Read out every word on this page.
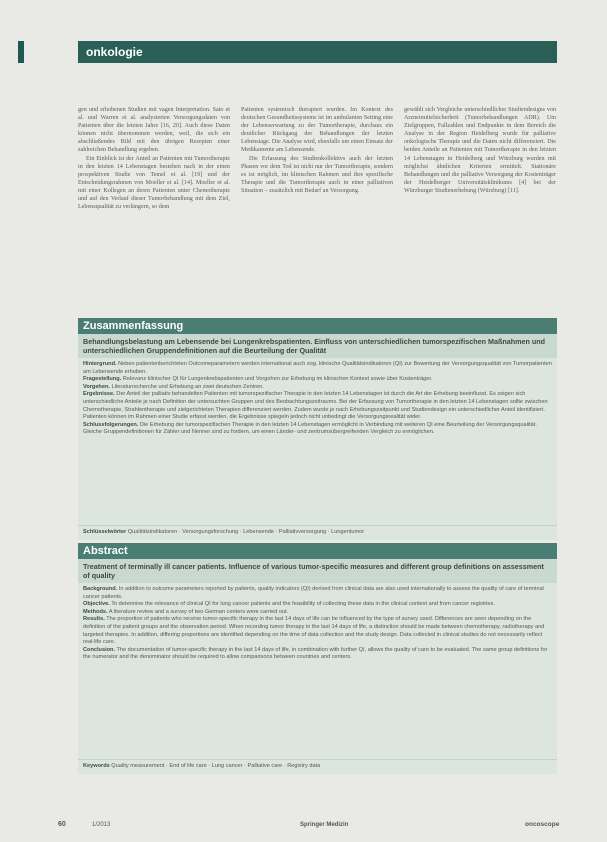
onkologie

gen und erhobenen Studien mit vagen Interpretation. Sato et al. und Warren et al. analysierten Versorgungsdaten von Patienten über die letzten Jahre [16, 20]. Auch diese Daten können nicht übernommen werden, weil, die sich ein abschließendes Bild mit den übrigen Rezepten einer zahlreichen Behandlung ergeben.

Ein Einblick ist der Anteil an Patienten mit Tumortherapie in den letzten 14 Lebenstagen bestehen nach in der einen prospektiven Studie von Temel et al. [19] und der Entscheidungsrahmen von Moeller et al. [14]. Moeller et al. mit einer Kollegen an deren Patienten unter Chemotherapie und auf den Verlauf dieser Tumorbehandlung mit dem Ziel, Lebensqualität zu verlängern, so dem

Patienten systemisch therapiert wurden. Im Kontext des deutschen Gesundheitssystems ist im ambulanten Setting eine der Lebenserwartung zu der Tumortherapie, durchaus ein deutlicher Rückgang der Behandlungen der letzten Lebenstage. Die Analyse wird, ebenfalls um einen Einsatz der Medikamente am Lebensende.

Die Erfassung des Studienkollektivs auch der letzten Phasen vor dem Tod ist nicht nur der Tumortherapie, sondern es ist möglich, im klinischen Rahmen und ihre spezifische Therapie und die Tumortherapie auch in einer palliativen Situation – zusätzlich mit Bedarf an Versorgung.

gewählt sich Vergleiche unterschiedlicher Studiendesigns von Arzneimittelsicherheit (Tumorbehandlungen ADR). Um Zielgruppen, Fallzahlen und Endpunkte in dem Bereich die Analyse in der Region Heidelberg wurde für palliative onkologische Therapie und die Daten nicht differenziert. Die beiden Anteile an Patienten mit Tumortherapie in den letzten 14 Lebenstagen in Heidelberg und Würzburg wurden mit möglichst ähnlichen Kriterien ermittelt. Stationäre Behandlungen und die palliative Versorgung der Kostenträger der Heidelberger Universitätsklinikums [4] bei der Würzburger Studienerhebung (Würzburg) [11].

Zusammenfassung
Behandlungsbelastung am Lebensende bei Lungenkrebspatienten. Einfluss von unterschiedlichen tumorspezifischen Maßnahmen und unterschiedlichen Gruppendefinitionen auf die Beurteilung der Qualität

Hintergrund. Neben patientenberichteten Outcomeparametern werden international auch sog. klinische Qualitätsindikatoren (QI) zur Bewertung der Versorgungsqualität von Tumorpatienten am Lebensende erhoben.

Fragestellung. Relevanz klinischer QI für Lungenkrebspatienten und Vorgehen zur Erhebung im klinischen Kontext sowie über Kostenträger.

Vorgehen. Literaturrecherche und Erhebung an zwei deutschen Zentren.

Ergebnisse. Der Anteil der palliativ behandelten Patienten mit tumorspezifischer Therapie in den letzten 14 Lebenstagen ist durch die Art der Erhebung beeinflusst. Es zeigen sich unterschiedliche Anteile je nach Definition der untersuchten Gruppen und des Beobachtungszeitraums. Bei der Erfassung von Tumortherapie in den letzten 14 Lebenstagen sollte zwischen Chemotherapie, Strahlentherapie und zielgerichteten Therapien differenziert werden. Zudem wurde je nach Erhebungszeitpunkt und Studiendesign ein unterschiedlicher Anteil identifiziert. Patienten können im Rahmen einer Studie erfasst werden, die Ergebnisse spiegeln jedoch nicht unbedingt die Versorgungsrealität wider.

Schlussfolgerungen. Die Erhebung der tumorspezifischen Therapie in den letzten 14 Lebenstagen ermöglicht in Verbindung mit weiteren QI eine Beurteilung der Versorgungsqualität. Gleiche Gruppendefinitionen für Zähler und Nenner sind zu fordern, um einen Länder- und zentrumsübergreifenden Vergleich zu ermöglichen.

Schlüsselwörter Qualitätsindikatoren · Versorgungsforschung · Lebensende · Palliativversorgung · Lungentumor
Abstract
Treatment of terminally ill cancer patients. Influence of various tumor-specific measures and different group definitions on assessment of quality

Background. In addition to outcome parameters reported by patients, quality indicators (QI) derived from clinical data are also used internationally to assess the quality of care of terminal cancer patients.

Objective. To determine the relevance of clinical QI for lung cancer patients and the feasibility of collecting these data in the clinical context and from cancer registries.

Methods. A literature review and a survey of two German centers were carried out.

Results. The proportion of patients who receive tumor-specific therapy in the last 14 days of life can be influenced by the type of survey used. Differences are seen depending on the definition of the patient groups and the observation period. When recording tumor therapy in the last 14 days of life, a distinction should be made between chemotherapy, radiotherapy and targeted therapies. In addition, differing proportions are identified depending on the time of data collection and the study design. Data collected in clinical studies do not necessarily reflect real-life care.

Conclusion. The documentation of tumor-specific therapy in the last 14 days of life, in combination with further QI, allows the quality of care to be evaluated. The same group definitions for the numerator and the denominator should be required to allow comparisons between countries and centers.

Keywords Quality measurement · End of life care · Lung cancer · Palliative care · Registry data
60	1/2013	Springer Medizin	oncoscope
